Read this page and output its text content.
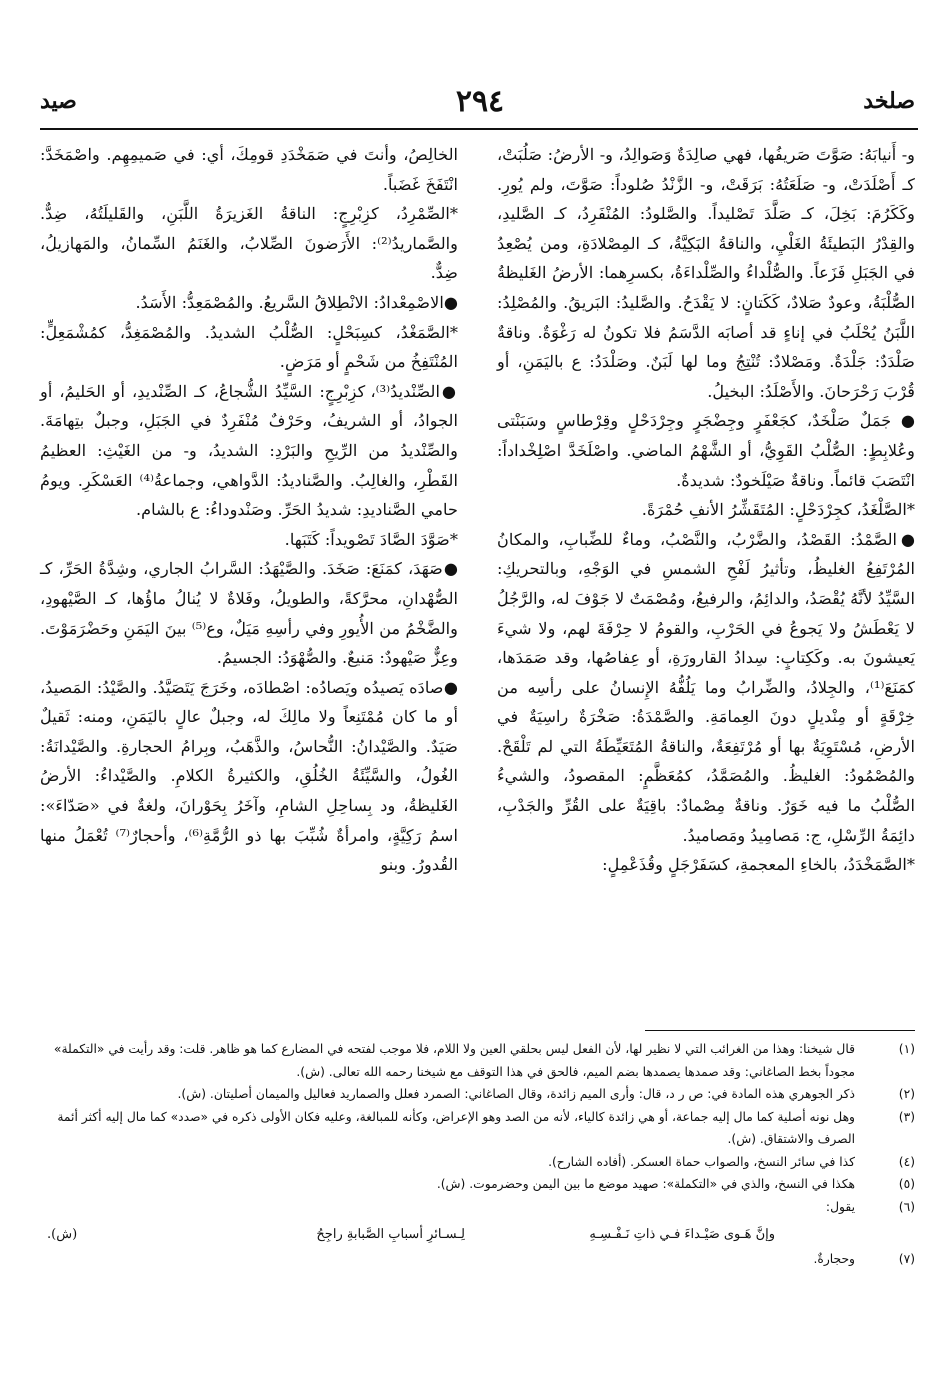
صلخد
٢٩٤
صيد

و- أَنيابَهُ: صَوَّتَ صَريفُها، فهي صالِدَةٌ وَصَوالِدُ، و- الأرضُ: صَلُبَتْ، كـ أَصْلَدَتْ، و- صَلَعَتُهُ: بَرَقَتْ، و- الزَّنْدُ صُلوداً: صَوَّتَ، ولم يُورِ. وكَكَرُمَ: بَخِلَ، كـ صَلَّدَ تَصْليداً. والصَّلودُ: المُنْفَرِدُ، كـ الصَّليدِ، والقِدْرُ البَطيئَةُ الغَلْيِ، والناقةُ البَكِيَّةُ، كـ المِصْلادَةِ، ومن يُصْعِدُ في الجَبَلِ فَزَعاً. والصُّلْداءُ والصِّلْداءَةُ، بكسرِهما: الأرضُ الغَليظةُ الصُّلْبَةُ، وعودٌ صَلادٌ، كَكَتانٍ: لا يَقْدَحُ. والصَّليدُ: البَريقُ. والمُصْلِدُ: اللَّبَنُ يُحْلَبُ في إناءٍ قد أصابَه الدَّسَمُ فلا تكونُ له رَغْوَةٌ. وناقةٌ صَلْدَدٌ: جَلْدَةٌ. ومَصْلادٌ: تُنْتِجُ وما لها لَبَنٌ. وصَلْدَدُ: ع باليَمَنِ، أو قُرْبَ رَحْرَحانَ. والأَصْلَدُ: البخيلُ.

● جَمَلٌ صَلْخَدٌ، كجَعْفَرٍ وجِضْجَرٍ وجِرْدَحْلٍ وقِرْطاسٍ وسَبَنْتى وعُلابِطٍ: الصُّلْبُ القَوِيُّ، أو الشَّهْمُ الماضي. واصْلَخَدَّ اصْلِخْداداً: انْتَصَبَ قائماً. وناقةٌ صَيْلَخودٌ: شديدةٌ.

*الصَّلْغَدُ، كجِرْدَحْلٍ: المُتَقَشِّرُ الأنفِ حُمْرَةً.

●الصَّمْدُ: القَصْدُ، والضَّرْبُ، والنَّصْبُ، وماءٌ للضِّبابِ، والمكانُ المُرْتَفِعُ الغليظُ، وتأثيرُ لَفْحِ الشمسِ في الوَجْهِ، وبالتحريكِ: السَّيِّدُ لأنَّهُ يُقْصَدُ، والدائِمُ، والرفيعُ، ومُصْمَتٌ لا جَوْفَ له، والرَّجُلُ لا يَعْطَشُ ولا يَجوعُ في الحَرْبِ، والقومُ لا حِرْفَةَ لهم، ولا شيءَ يَعيشونَ به. وكَكِتابٍ: سِدادُ القارورَةِ، أو عِفاصُها، وقد صَمَدَها، كمَنَعَ⁽¹⁾، والجِلادُ، والضِّرابُ وما يَلُفُّهُ الإِنسانُ على رأسِه من خِرْقَةٍ أو مِنْديلٍ دونَ العِمامَةِ. والصَّمْدَةُ: صَخْرَةٌ راسِيَةٌ في الأرضِ، مُسْتَوِيَةٌ بها أو مُرْتَفِعَةٌ، والناقةُ المُتَعَيِّطَةُ التي لم تَلْقَحْ. والمُصْمُودُ: الغليظُ. والمُصَمَّدُ، كمُعَظَّمٍ: المقصودُ، والشيءُ الصُّلْبُ ما فيه خَوَرٌ. وناقةٌ مِصْمادٌ: باقِيَةٌ على القُرِّ والجَدْبِ، دائِمَةُ الرِّسْلِ، ج: مَصامِيدُ ومَصاميدُ.

*الصَّمَخْدَدُ، بالخاءِ المعجمةِ، كسَفَرْجَلٍ وقُذَعْمِلٍ:

الخالِصُ، وأنتَ في صَمَخْدَدِ قومِكَ، أي: في صَميمِهِم. واصْمَخَدَّ: انْتَفَخَ غَضَباً.

*الصِّمْرِدُ، كزِبْرِجٍ: الناقةُ الغَزيرَةُ اللَّبَنِ، والقَليلَتُهُ، ضِدٌّ. والصَّماريدُ⁽²⁾: الأَرَضونَ الصِّلابُ، والغَنَمُ السِّمانُ، والمَهازيلُ، ضِدٌّ.

●الاصْمِعْدادُ: الانْطِلاقُ السَّريعُ. والمُصْمَعِدُّ: الأَسَدُ.

*الصَّمَغْدُ، كسِبَحْلٍ: الصُّلْبُ الشديدُ. والمُصْمَغِدُّ، كمُشْمَعِلٍّ: المُنْتَفِخُ من شَحْمٍ أو مَرَضٍ.

●الصِّنْديدُ⁽³⁾، كزِبْرِجٍ: السَّيِّدُ الشُّجاعُ، كـ الصِّنْديدِ، أو الحَليمُ، أو الجوادُ، أو الشريفُ، وحَرْفٌ مُنْفَرِدٌ في الجَبَلِ، وجبلٌ بتِهامَةَ. والصِّنْديدُ من الرِّيحِ والبَرْدِ: الشديدُ، و- من الغَيْثِ: العظيمُ القَطْرِ، والغالِبُ. والصَّناديدُ: الدَّواهي، وجماعةُ⁽⁴⁾ العَسْكَرِ. ويومُ حامي الصَّناديدِ: شديدُ الحَرِّ. وصَنْدوداءُ: ع بالشام.

*صَوَّدَ الصَّادَ تَصْويداً: كَتَبَها.

●صَهَدَ، كمَنَعَ: صَخَدَ. والصَّيْهَدُ: السَّرابُ الجاري، وشِدَّةُ الحَرِّ، كـ الصُّهْدانِ، محرَّكةً، والطويلُ، وفَلاةٌ لا يُنالُ ماؤُها، كـ الصَّيْهودِ، والضَّخْمُ من الأُيورِ وفي رأسِهِ مَيَلٌ، وع⁽⁵⁾ بينَ اليَمَنِ وحَضْرَمَوْتَ. وعِزٌّ صَيْهودٌ: مَنيعٌ. والصُّهْوَدُ: الجسيمُ.

●صادَه يَصيدُه ويَصادُه: اصْطادَه، وخَرَجَ يَتَصَيَّدُ. والصَّيْدُ: المَصيدُ، أو ما كان مُمْتَنِعاً ولا مالِكَ له، وجبلٌ عالٍ باليَمَنِ، ومنه: ثَقيلٌ صَيَدٌ. والصَّيْدانُ: النُّحاسُ، والذَّهَبُ، وبِرامُ الحجارةِ. والصَّيْدانَةُ: الغُولُ، والسَّيِّئَةُ الخُلُقِ، والكثيرةُ الكلامِ. والصَّيْداءُ: الأرضُ الغَليظةُ، ود بِساحِلِ الشامِ، وآخَرُ بِحَوْرانَ، ولغةٌ في «صَدّاءَ»: اسمُ رَكِيَّةٍ، وامرأةٌ شُبِّبَ بها ذو الرُّمَّةِ⁽⁶⁾، وأحجارٌ⁽⁷⁾ تُعْمَلُ منها القُدورُ. وبنو

(١)
قال شيخنا: وهذا من الغرائب التي لا نظير لها، لأن الفعل ليس بحلقي العين ولا اللام، فلا موجب لفتحه في المضارع كما هو ظاهر. قلت: وقد رأيت في «التكملة» مجوداً بخط الصاغاني: وقد صمدها يصمدها بضم الميم، فالحق في هذا التوقف مع شيخنا رحمه الله تعالى. (ش).
(٢)
ذكر الجوهري هذه المادة في: ص ر د، قال: وأرى الميم زائدة، وقال الصاغاني: الصمرد فعلل والصماريد فعاليل والميمان أصليتان. (ش).
(٣)
وهل نونه أصلية كما مال إليه جماعة، أو هي زائدة كالياء، لأنه من الصد وهو الإعراض، وكأنه للمبالغة، وعليه فكان الأولى ذكره في «صدد» كما مال إليه أكثر أئمة الصرف والاشتقاق. (ش).
(٤)
كذا في سائر النسخ، والصواب حماة العسكر. (أفاده الشارح).
(٥)
هكذا في النسخ، والذي في «التكملة»: صهيد موضع ما بين اليمن وحضرموت. (ش).
(٦)
يقول:
وإنَّ هَـوى صَيْـداءَ فـي ذاتِ نَـفْـسِـهِ
لِـسـائرِ أسبابِ الصَّبابةِ راجِحُ
(ش).
(٧)
وحجارةٌ.
